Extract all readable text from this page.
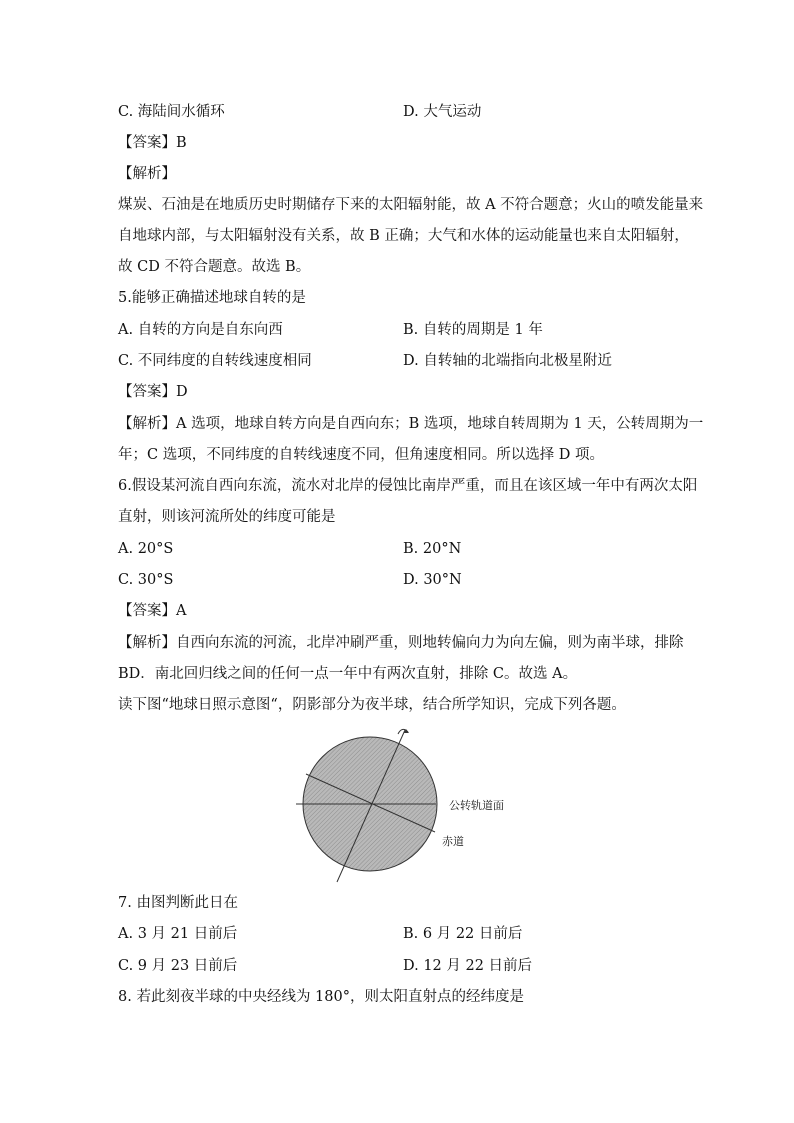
C. 海陆间水循环	D. 大气运动
【答案】B
【解析】
煤炭、石油是在地质历史时期储存下来的太阳辐射能，故 A 不符合题意；火山的喷发能量来
自地球内部，与太阳辐射没有关系，故 B 正确；大气和水体的运动能量也来自太阳辐射，
故 CD 不符合题意。故选 B。
5.能够正确描述地球自转的是
A. 自转的方向是自东向西	B. 自转的周期是 1 年
C. 不同纬度的自转线速度相同	D. 自转轴的北端指向北极星附近
【答案】D
【解析】A 选项，地球自转方向是自西向东；B 选项，地球自转周期为 1 天，公转周期为一
年；C 选项，不同纬度的自转线速度不同，但角速度相同。所以选择 D 项。
6.假设某河流自西向东流，流水对北岸的侵蚀比南岸严重，而且在该区域一年中有两次太阳
直射，则该河流所处的纬度可能是
A. 20°S	B. 20°N
C. 30°S	D. 30°N
【答案】A
【解析】自西向东流的河流，北岸冲刷严重，则地转偏向力为向左偏，则为南半球，排除
BD．南北回归线之间的任何一点一年中有两次直射，排除 C。故选 A。
读下图“地球日照示意图“，阴影部分为夜半球，结合所学知识，完成下列各题。
公转轨道面
赤道
7. 由图判断此日在
A. 3 月 21 日前后	B. 6 月 22 日前后
C. 9 月 23 日前后	D. 12 月 22 日前后
8. 若此刻夜半球的中央经线为 180°，则太阳直射点的经纬度是
